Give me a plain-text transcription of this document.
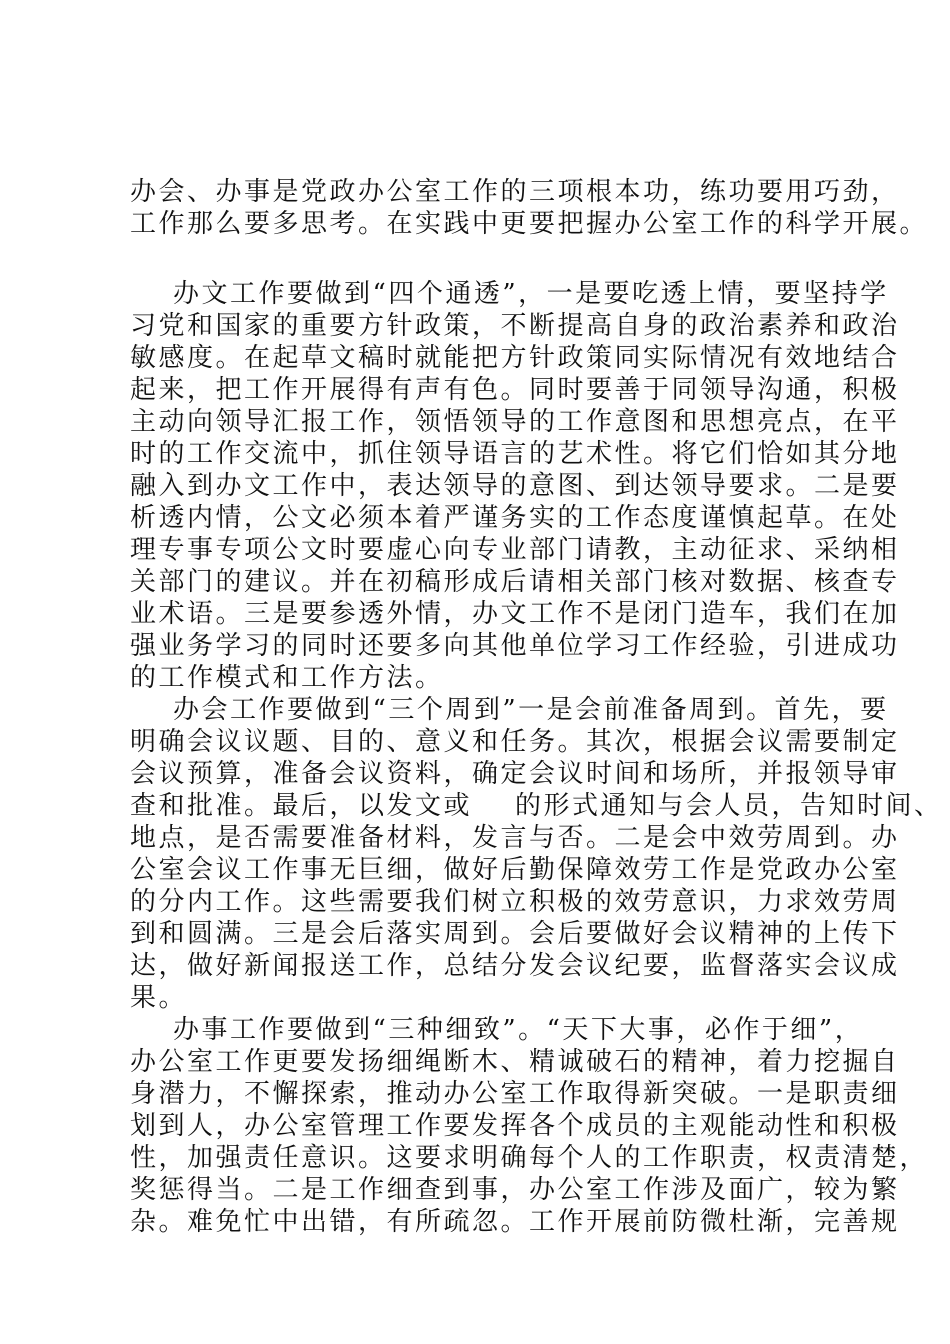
办会、办事是党政办公室工作的三项根本功，练功要用巧劲，
工作那么要多思考。在实践中更要把握办公室工作的科学开展。
办文工作要做到“四个通透”，一是要吃透上情，要坚持学
习党和国家的重要方针政策，不断提高自身的政治素养和政治
敏感度。在起草文稿时就能把方针政策同实际情况有效地结合
起来，把工作开展得有声有色。同时要善于同领导沟通，积极
主动向领导汇报工作，领悟领导的工作意图和思想亮点，在平
时的工作交流中，抓住领导语言的艺术性。将它们恰如其分地
融入到办文工作中，表达领导的意图、到达领导要求。二是要
析透内情，公文必须本着严谨务实的工作态度谨慎起草。在处
理专事专项公文时要虚心向专业部门请教，主动征求、采纳相
关部门的建议。并在初稿形成后请相关部门核对数据、核查专
业术语。三是要参透外情，办文工作不是闭门造车，我们在加
强业务学习的同时还要多向其他单位学习工作经验，引进成功
的工作模式和工作方法。
办会工作要做到“三个周到”一是会前准备周到。首先，要
明确会议议题、目的、意义和任务。其次，根据会议需要制定
会议预算，准备会议资料，确定会议时间和场所，并报领导审
查和批准。最后，以发文或    的形式通知与会人员，告知时间、
地点，是否需要准备材料，发言与否。二是会中效劳周到。办
公室会议工作事无巨细，做好后勤保障效劳工作是党政办公室
的分内工作。这些需要我们树立积极的效劳意识，力求效劳周
到和圆满。三是会后落实周到。会后要做好会议精神的上传下
达，做好新闻报送工作，总结分发会议纪要，监督落实会议成
果。
办事工作要做到“三种细致”。“天下大事，必作于细”，
办公室工作更要发扬细绳断木、精诚破石的精神，着力挖掘自
身潜力，不懈探索，推动办公室工作取得新突破。一是职责细
划到人，办公室管理工作要发挥各个成员的主观能动性和积极
性，加强责任意识。这要求明确每个人的工作职责，权责清楚，
奖惩得当。二是工作细查到事，办公室工作涉及面广，较为繁
杂。难免忙中出错，有所疏忽。工作开展前防微杜渐，完善规
